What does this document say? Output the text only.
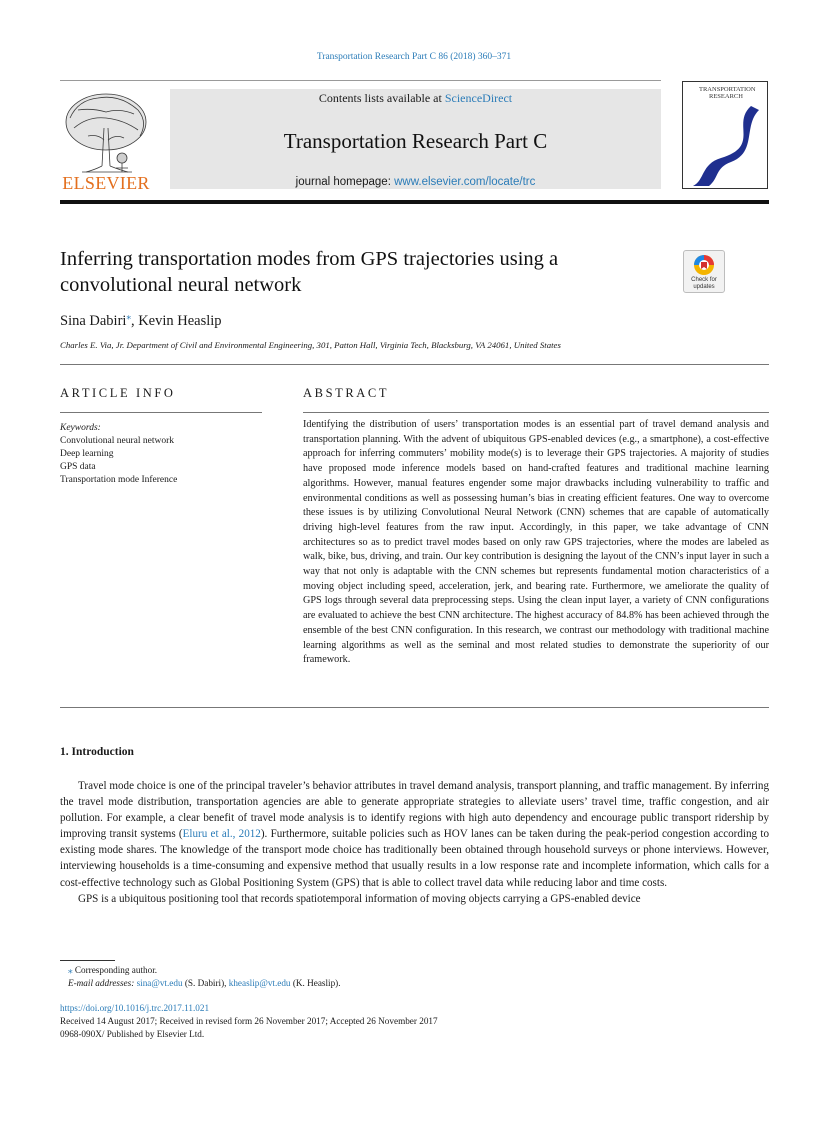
Transportation Research Part C 86 (2018) 360–371
ELSEVIER
Contents lists available at ScienceDirect
Transportation Research Part C
journal homepage: www.elsevier.com/locate/trc
TRANSPORTATION
RESEARCH
Inferring transportation modes from GPS trajectories using a
convolutional neural network	Check for updates
Sina Dabiri⁎, Kevin Heaslip
Charles E. Via, Jr. Department of Civil and Environmental Engineering, 301, Patton Hall, Virginia Tech, Blacksburg, VA 24061, United States
ARTICLE INFO	ABSTRACT
Keywords:
Convolutional neural network
Deep learning
GPS data
Transportation mode Inference
Identifying the distribution of users’ transportation modes is an essential part of travel demand analysis and transportation planning. With the advent of ubiquitous GPS-enabled devices (e.g., a smartphone), a cost-effective approach for inferring commuters’ mobility mode(s) is to leverage their GPS trajectories. A majority of studies have proposed mode inference models based on hand-crafted features and traditional machine learning algorithms. However, manual features engender some major drawbacks including vulnerability to traffic and environmental conditions as well as possessing human’s bias in creating efficient features. One way to overcome these issues is by utilizing Convolutional Neural Network (CNN) schemes that are capable of automatically driving high-level features from the raw input. Accordingly, in this paper, we take advantage of CNN architectures so as to predict travel modes based on only raw GPS trajectories, where the modes are labeled as walk, bike, bus, driving, and train. Our key contribution is designing the layout of the CNN’s input layer in such a way that not only is adaptable with the CNN schemes but represents fundamental motion characteristics of a moving object including speed, acceleration, jerk, and bearing rate. Furthermore, we ameliorate the quality of GPS logs through several data preprocessing steps. Using the clean input layer, a variety of CNN configurations are evaluated to achieve the best CNN architecture. The highest accuracy of 84.8% has been achieved through the ensemble of the best CNN configuration. In this research, we contrast our methodology with traditional machine learning algorithms as well as the seminal and most related studies to demonstrate the superiority of our framework.
1. Introduction

Travel mode choice is one of the principal traveler’s behavior attributes in travel demand analysis, transport planning, and traffic management. By inferring the travel mode distribution, transportation agencies are able to generate appropriate strategies to alleviate users’ travel time, traffic congestion, and air pollution. For example, a clear benefit of travel mode analysis is to identify regions with high auto dependency and encourage public transport ridership by improving transit systems (Eluru et al., 2012). Furthermore, suitable policies such as HOV lanes can be taken during the peak-period congestion according to existing mode shares. The knowledge of the transport mode choice has traditionally been obtained through household surveys or phone interviews. However, interviewing households is a time-consuming and expensive method that usually results in a low response rate and incomplete information, which calls for a cost-effective technology such as Global Positioning System (GPS) that is able to collect travel data while reducing labor and time costs.

GPS is a ubiquitous positioning tool that records spatiotemporal information of moving objects carrying a GPS-enabled device

⁎ Corresponding author.
E-mail addresses: sina@vt.edu (S. Dabiri), kheaslip@vt.edu (K. Heaslip).
https://doi.org/10.1016/j.trc.2017.11.021
Received 14 August 2017; Received in revised form 26 November 2017; Accepted 26 November 2017
0968-090X/ Published by Elsevier Ltd.
